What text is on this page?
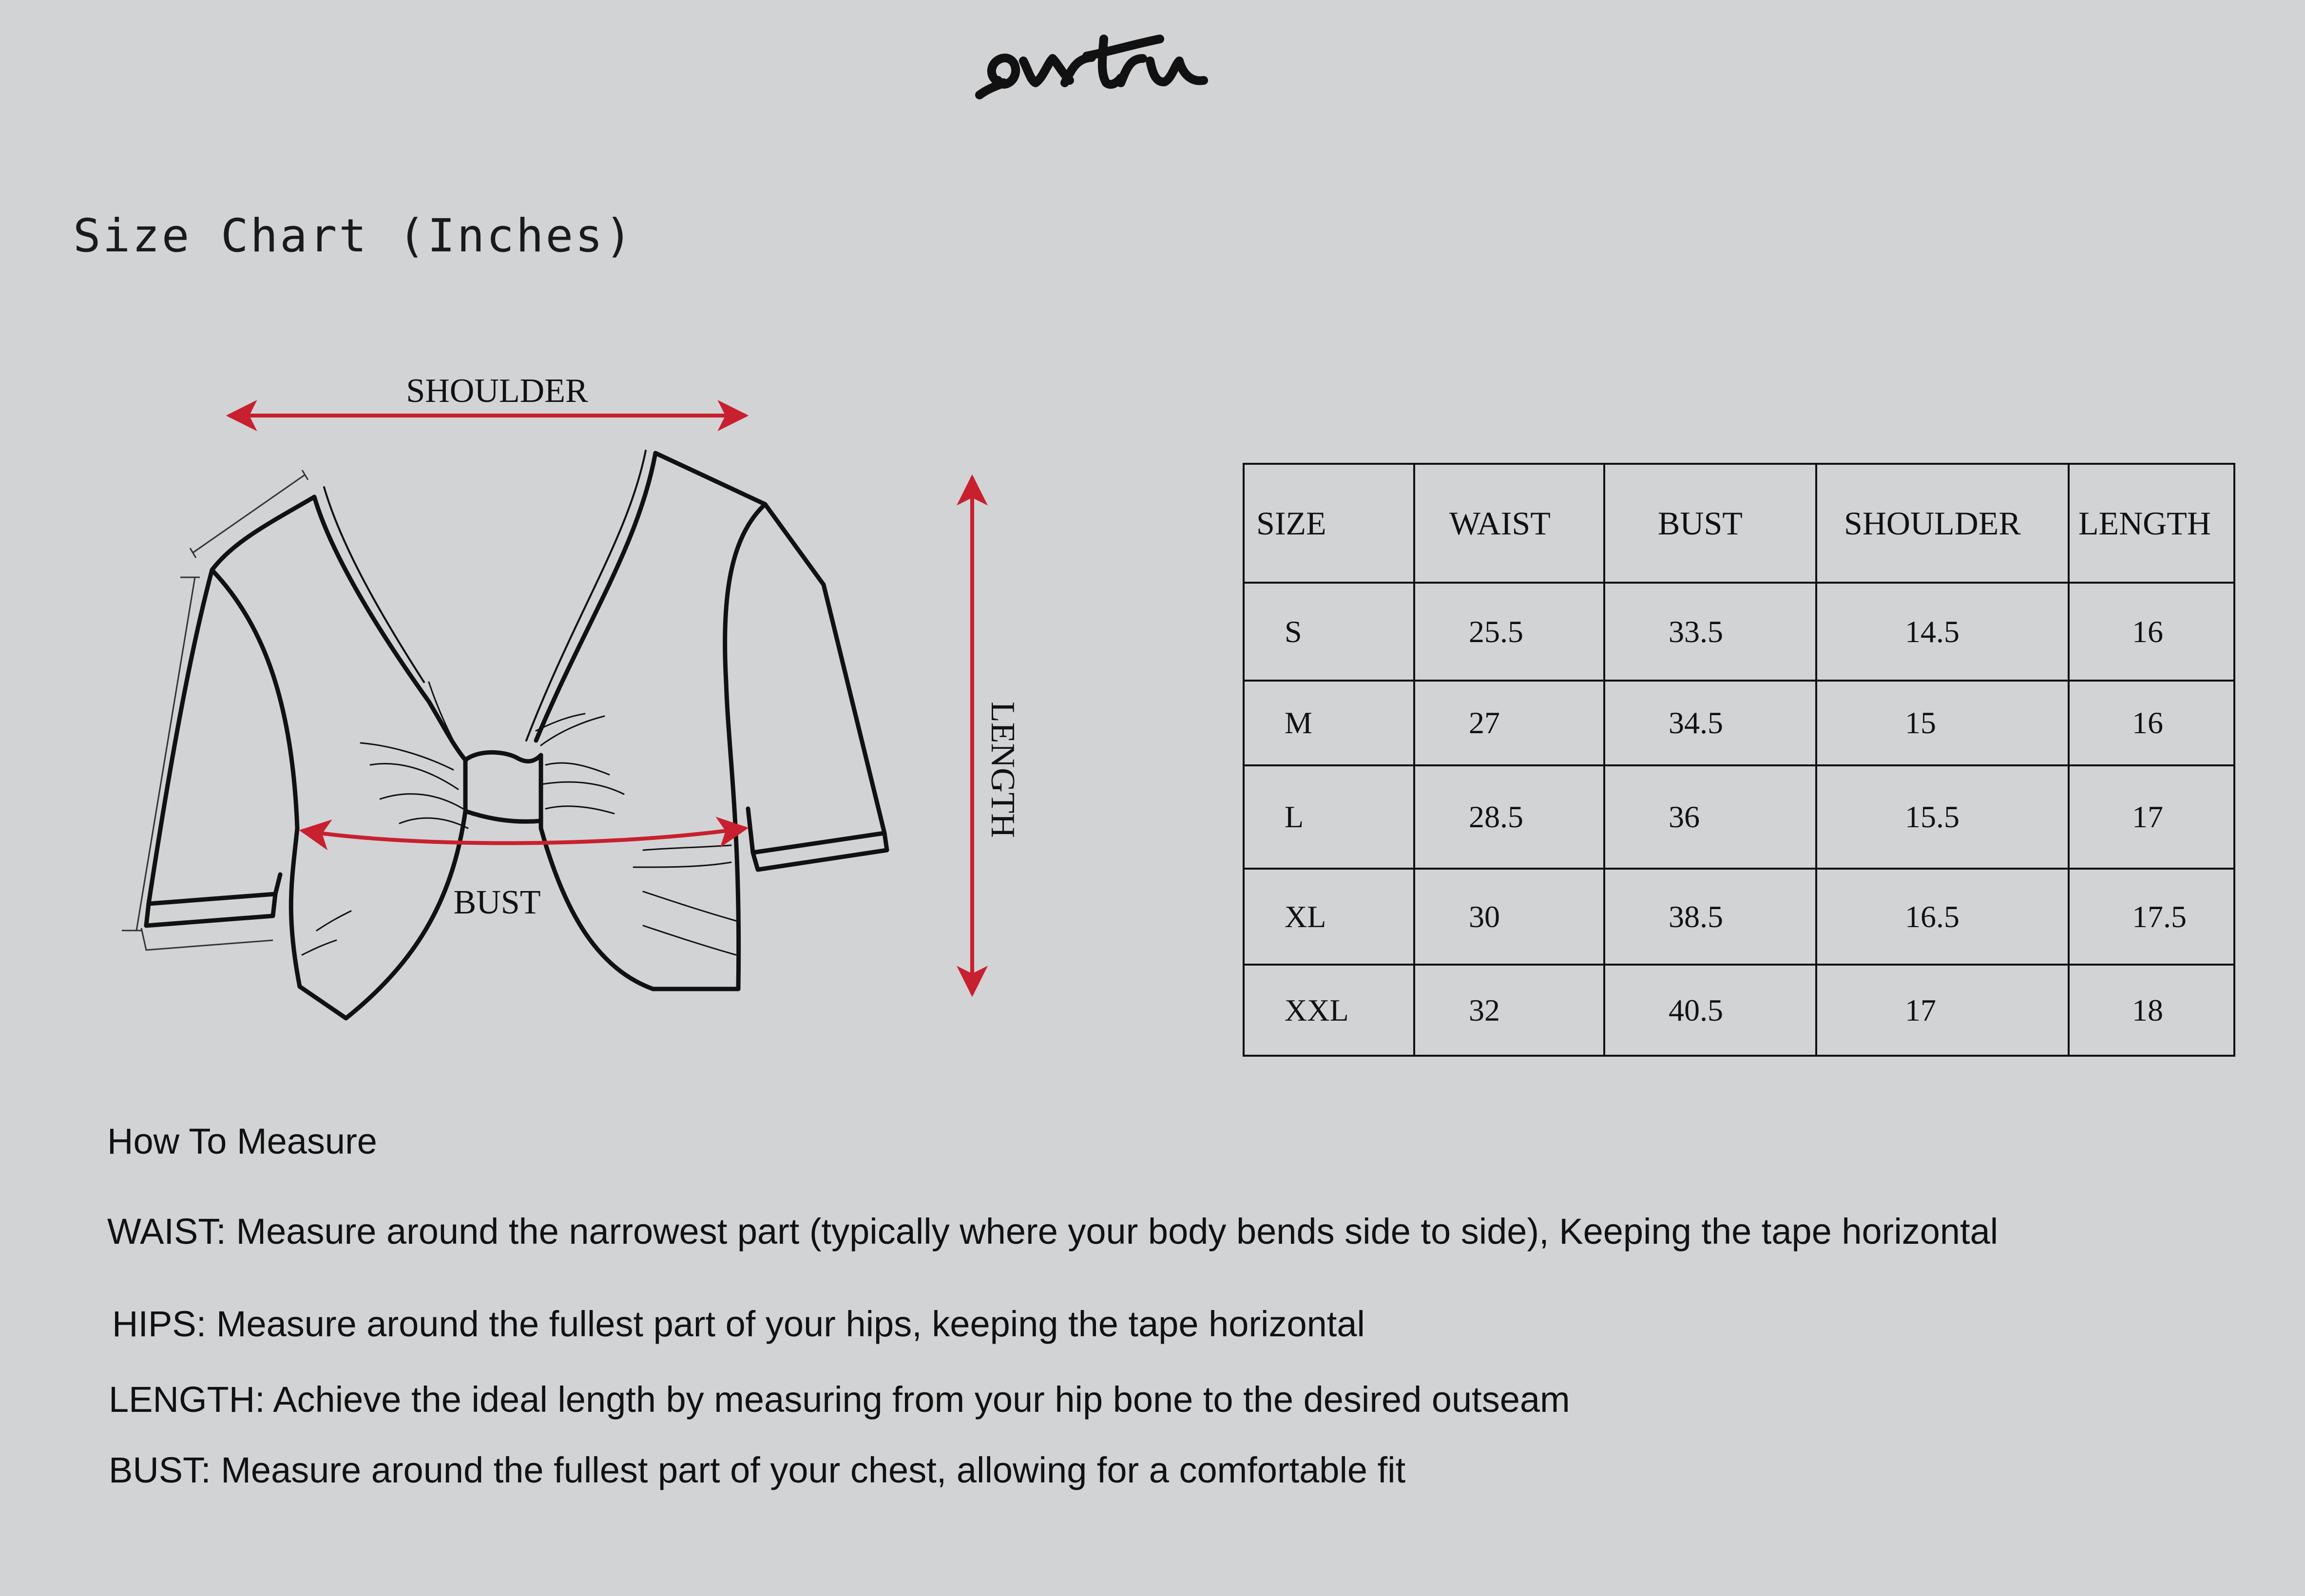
Size Chart (Inches)
SHOULDER
LENGTH
BUST
SIZE	WAIST	BUST	SHOULDER	LENGTH
S	25.5	33.5	14.5	16
M	27	34.5	15	16
L	28.5	36	15.5	17
XL	30	38.5	16.5	17.5
XXL	32	40.5	17	18
How To Measure
WAIST: Measure around the narrowest part (typically where your body bends side to side), Keeping the tape horizontal
HIPS: Measure around the fullest part of your hips, keeping the tape horizontal
LENGTH: Achieve the ideal length by measuring from your hip bone to the desired outseam
BUST: Measure around the fullest part of your chest, allowing for a comfortable fit
